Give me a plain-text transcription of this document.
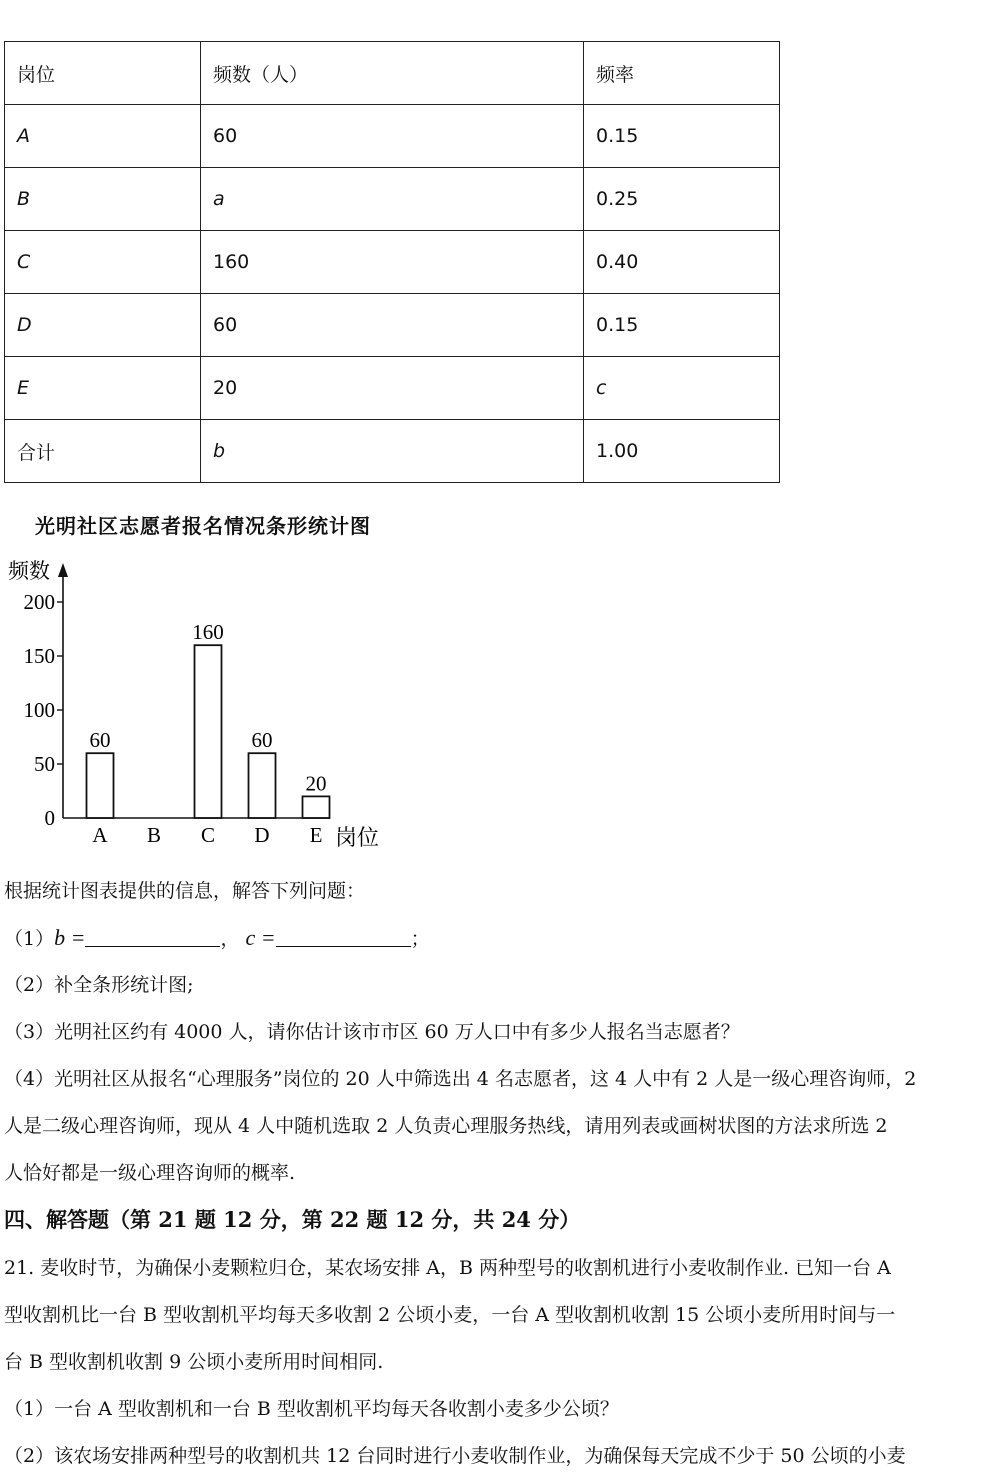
岗位	频数（人）	频率
A	60	0.15
B	a	0.25
C	160	0.40
D	60	0.15
E	20	c
合计	b	1.00
光明社区志愿者报名情况条形统计图
频数
0
50
100
150
200
60
A B
160
C
60
D
20
E 岗位
根据统计图表提供的信息，解答下列问题：
（1）b =	， c =	；
（2）补全条形统计图;
（3）光明社区约有 4000 人，请你估计该市市区 60 万人口中有多少人报名当志愿者？
（4）光明社区从报名“心理服务”岗位的 20 人中筛选出 4 名志愿者，这 4 人中有 2 人是一级心理咨询师，2
人是二级心理咨询师，现从 4 人中随机选取 2 人负责心理服务热线，请用列表或画树状图的方法求所选 2
人恰好都是一级心理咨询师的概率.
四、解答题（第 21 题 12 分，第 22 题 12 分，共 24 分）
21. 麦收时节，为确保小麦颗粒归仓，某农场安排 A，B 两种型号的收割机进行小麦收制作业. 已知一台 A
型收割机比一台 B 型收割机平均每天多收割 2 公顷小麦，一台 A 型收割机收割 15 公顷小麦所用时间与一
台 B 型收割机收割 9 公顷小麦所用时间相同.
（1）一台 A 型收割机和一台 B 型收割机平均每天各收割小麦多少公顷？
（2）该农场安排两种型号的收割机共 12 台同时进行小麦收制作业，为确保每天完成不少于 50 公顷的小麦
